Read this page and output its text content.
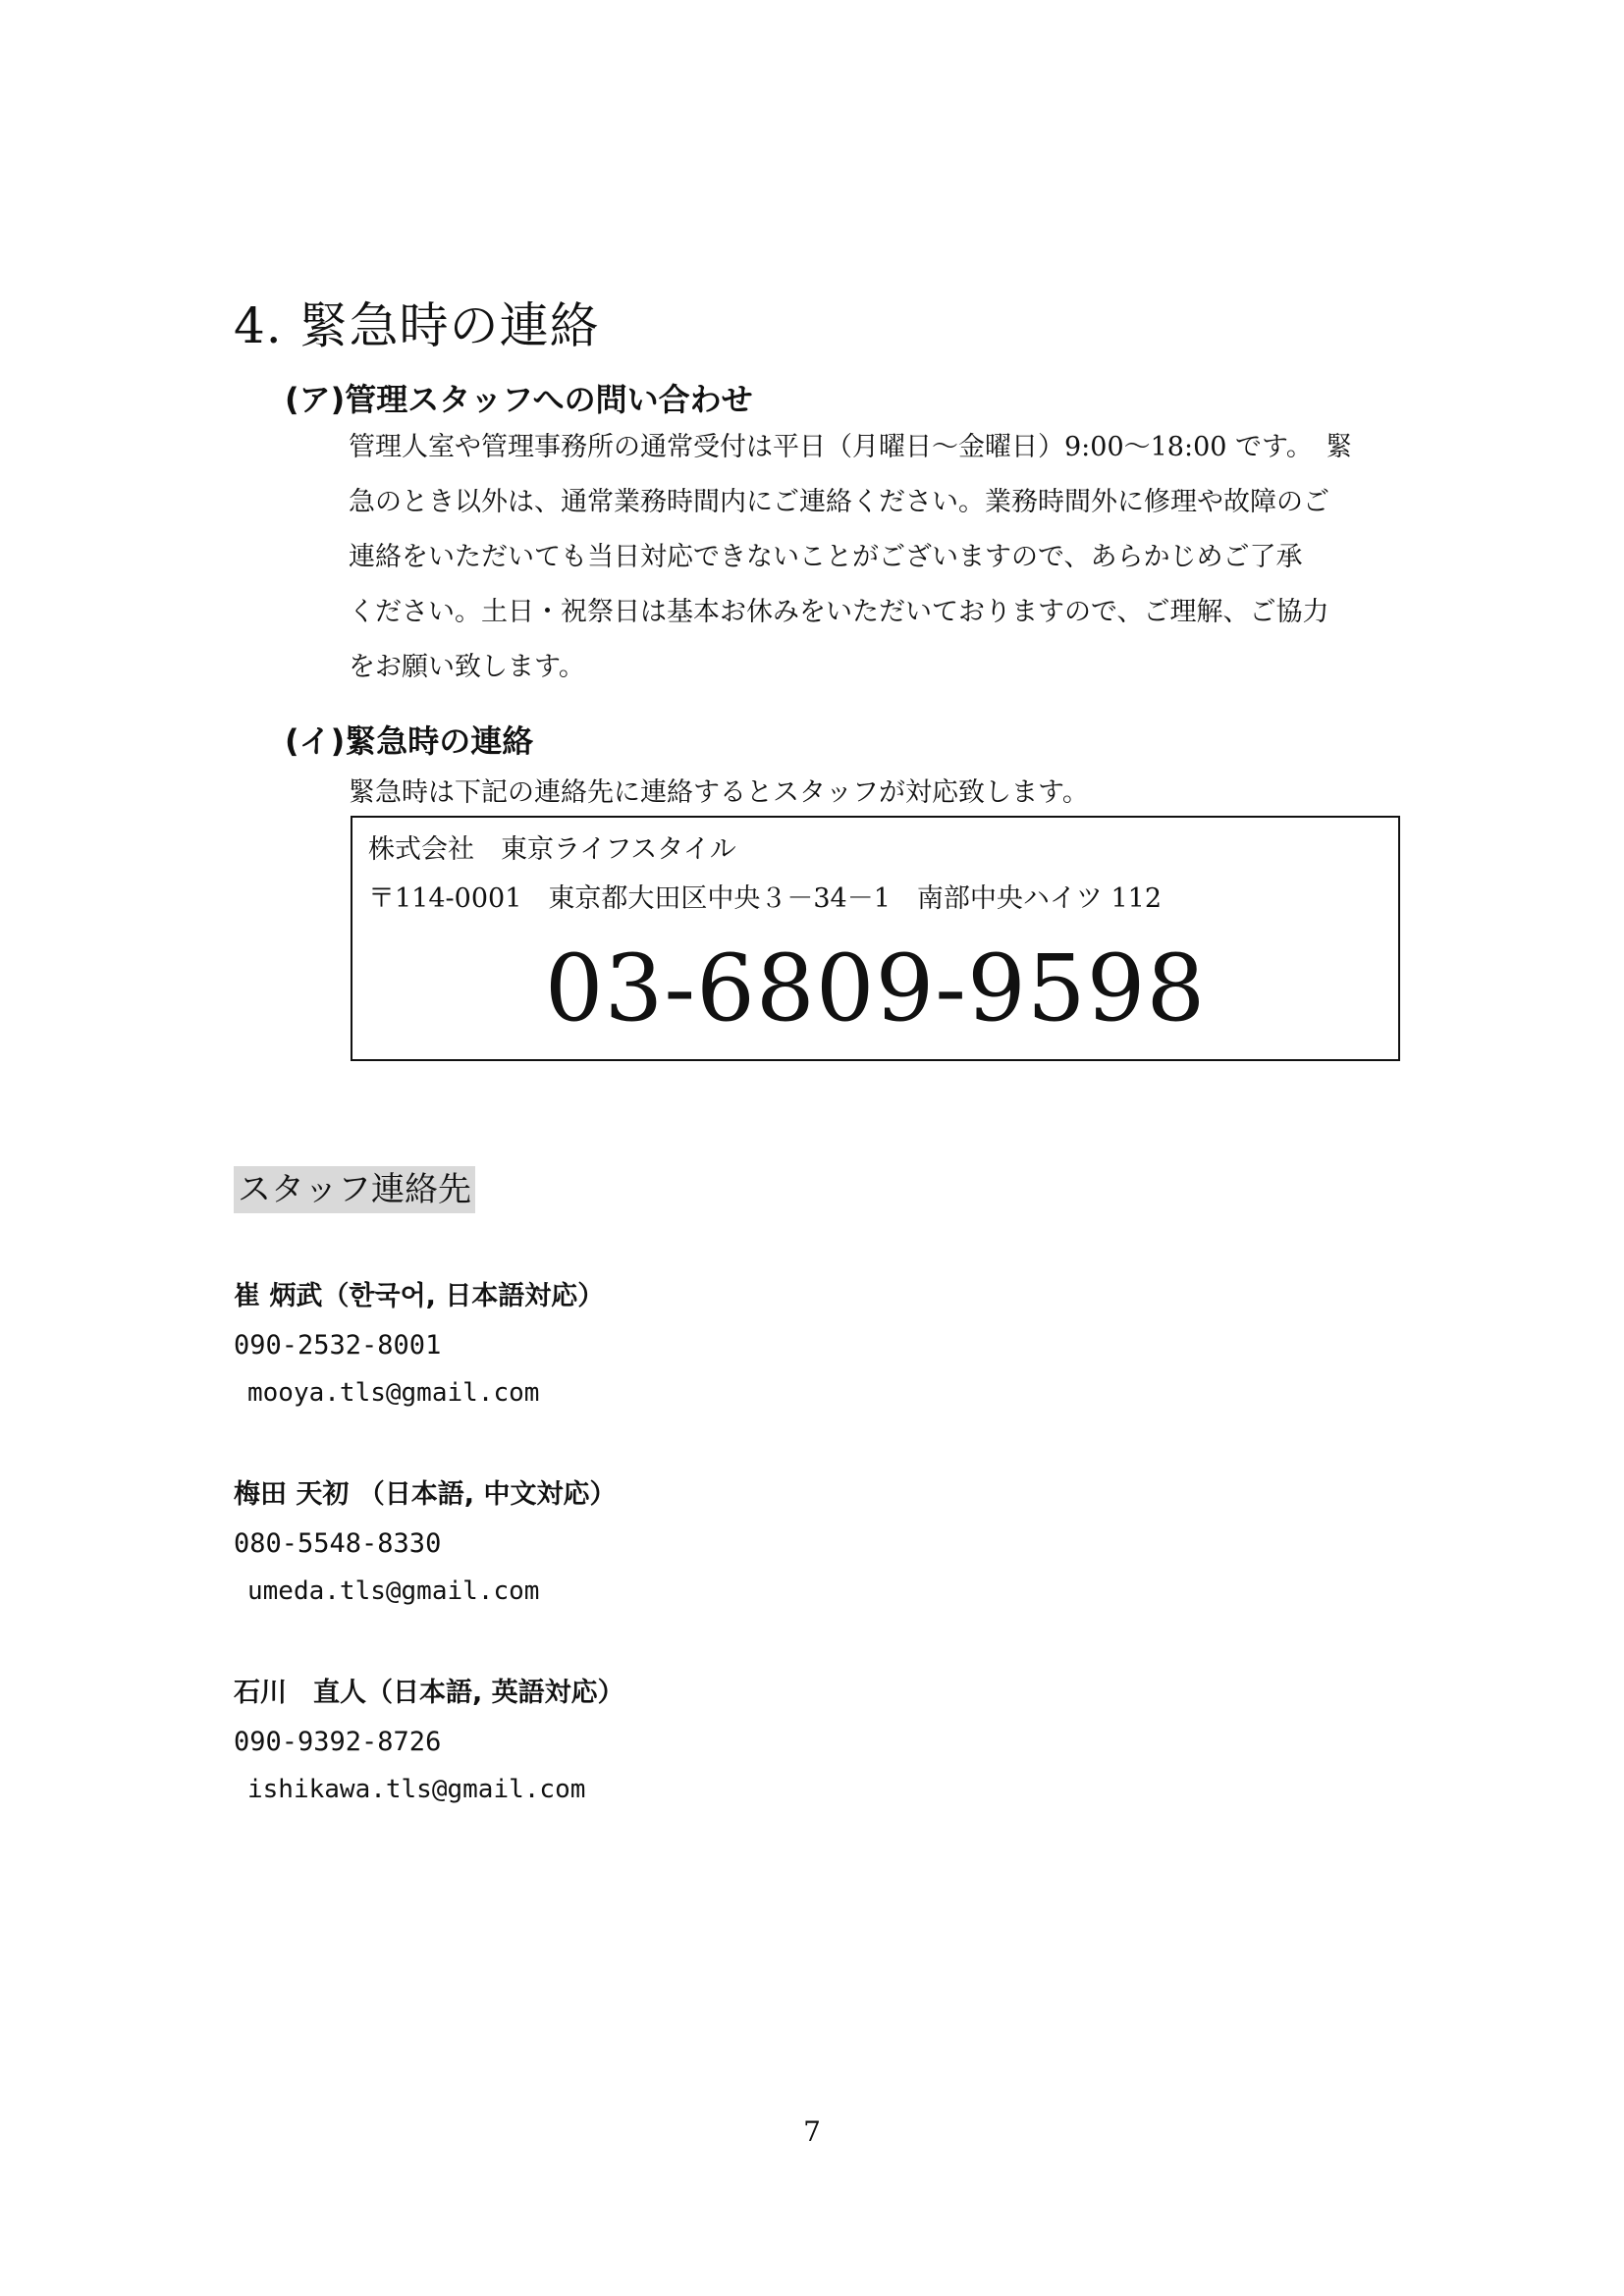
4. 緊急時の連絡
(ア)管理スタッフへの問い合わせ

管理人室や管理事務所の通常受付は平日（月曜日～金曜日）9:00～18:00 です。　緊

急のとき以外は、通常業務時間内にご連絡ください。業務時間外に修理や故障のご

連絡をいただいても当日対応できないことがございますので、あらかじめご了承

ください。土日・祝祭日は基本お休みをいただいておりますので、ご理解、ご協力

をお願い致します。

(イ)緊急時の連絡
緊急時は下記の連絡先に連絡するとスタッフが対応致します。
株式会社　東京ライフスタイル
〒114-0001　東京都大田区中央３－34－1　南部中央ハイツ 112
03-6809-9598
スタッフ連絡先
崔 炳武（한국어, 日本語対応）
090-2532-8001
mooya.tls@gmail.com
梅田 天初 （日本語, 中文対応）
080-5548-8330
umeda.tls@gmail.com
石川　直人（日本語, 英語対応）
090-9392-8726
ishikawa.tls@gmail.com
7
